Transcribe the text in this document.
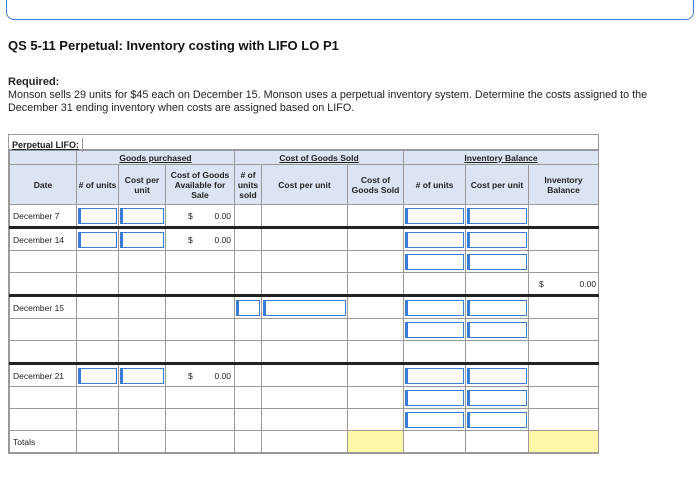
QS 5-11 Perpetual: Inventory costing with LIFO LO P1
Required:
Monson sells 29 units for $45 each on December 15. Monson uses a perpetual inventory system. Determine the costs assigned to the December 31 ending inventory when costs are assigned based on LIFO.
Perpetual LIFO:
	Goods purchased			Cost of Goods Sold			Inventory Balance		
Date	# of units	Cost per unit	Cost of Goods Available for Sale	# of units sold	Cost per unit	Cost of Goods Sold	# of units	Cost per unit	Inventory Balance
December 7			$ 0.00						

December 14			$ 0.00						

									$ 0.00

December 15				

December 21			$ 0.00						

Totals									
